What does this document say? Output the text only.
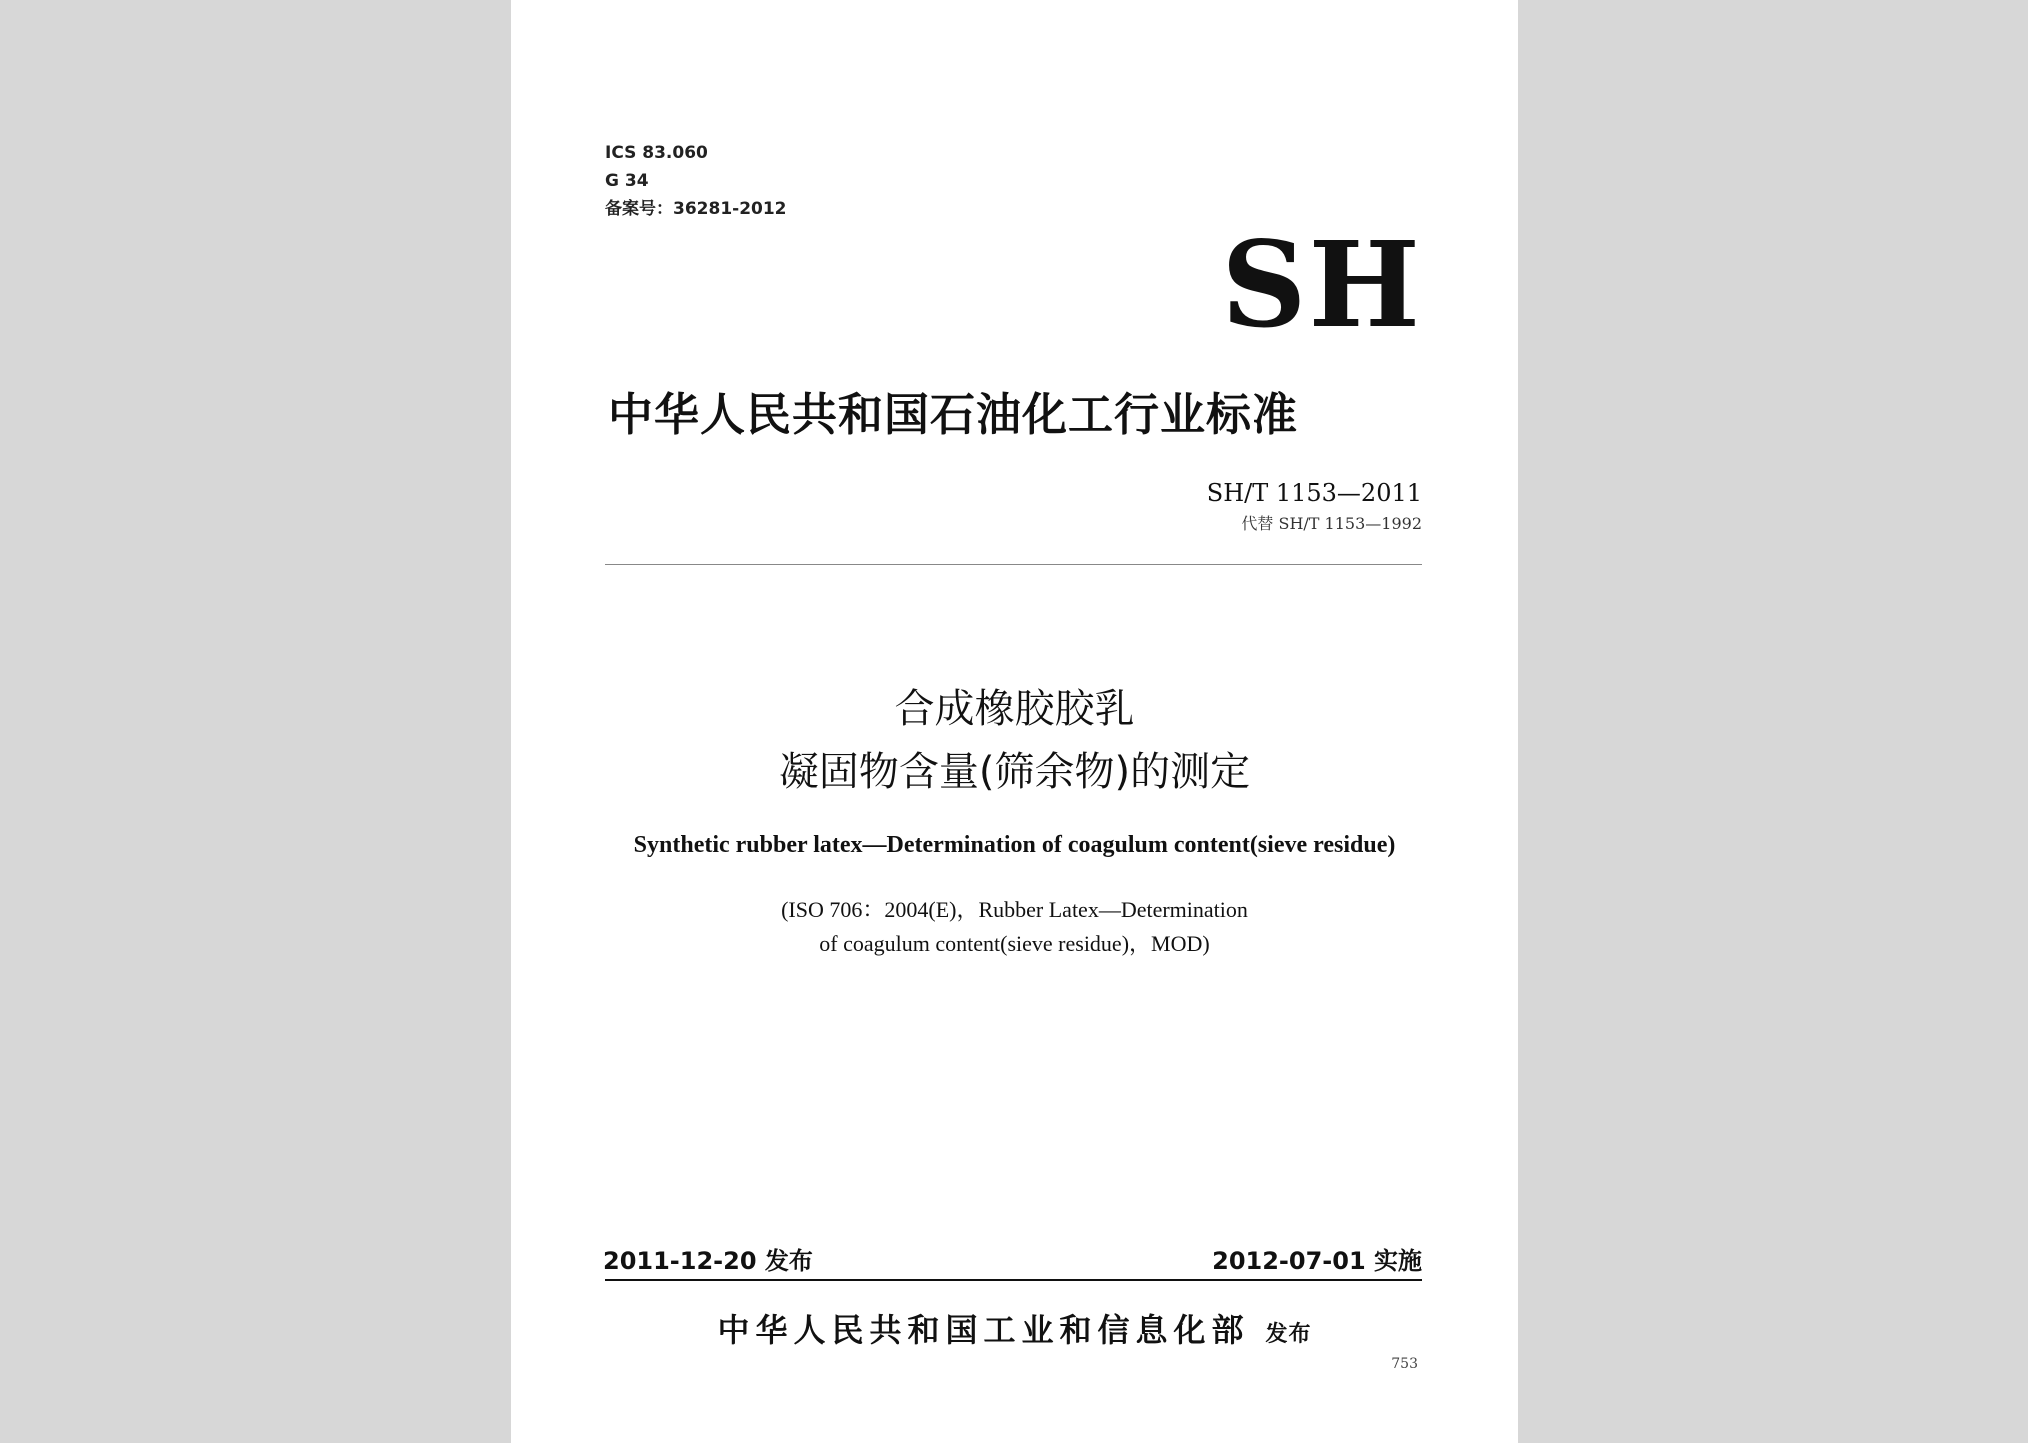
ICS 83.060
G 34
备案号：36281-2012
SH
中华人民共和国石油化工行业标准
SH/T 1153—2011
代替 SH/T 1153—1992
合成橡胶胶乳
凝固物含量(筛余物)的测定
Synthetic rubber latex—Determination of coagulum content(sieve residue)
(ISO 706：2004(E)，Rubber Latex—Determination
of coagulum content(sieve residue)，MOD)
2011-12-20 发布	2012-07-01 实施
中华人民共和国工业和信息化部 发布
753
